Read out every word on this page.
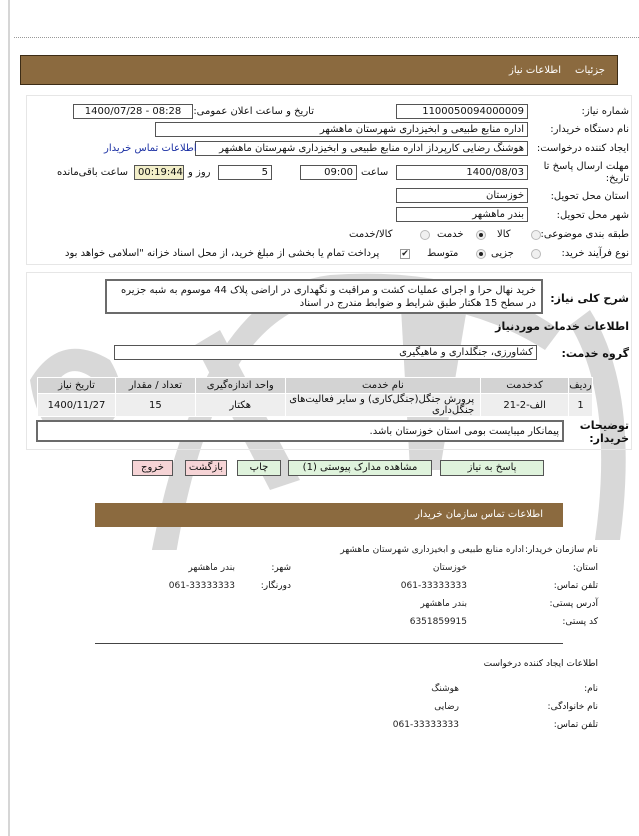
جزئیات
اطلاعات نیاز
شماره نیاز:
1100050094000009
تاریخ و ساعت اعلان عمومی:
1400/07/28 - 08:28
نام دستگاه خریدار:
اداره منابع طبیعی و ابخیزداری شهرستان ماهشهر
ایجاد کننده درخواست:
هوشنگ رضایی کارپرداز اداره منابع طبیعی و ابخیزداری شهرستان ماهشهر
اطلاعات تماس خریدار
مهلت ارسال پاسخ تا
تاریخ:
1400/08/03
ساعت
09:00
5
روز و
00:19:44
ساعت باقی‌مانده
استان محل تحویل:
خوزستان
شهر محل تحویل:
بندر ماهشهر
طبقه بندی موضوعی:
کالا
خدمت
کالا/خدمت
نوع فرآیند خرید:
جزیی
متوسط
✔
پرداخت تمام یا بخشی از مبلغ خرید، از محل اسناد خزانه "اسلامی خواهد بود
شرح کلی نیاز:
خرید نهال حرا و اجرای عملیات کشت و مراقبت و نگهداری در اراضی پلاک 44 موسوم به شبه جزیره در سطح 15 هکتار طبق شرایط و ضوابط مندرج در اسناد
اطلاعات خدمات موردنیاز
گروه خدمت:
کشاورزی، جنگلداری و ماهیگیری
ردیف	کدخدمت	نام خدمت	واحد اندازه‌گیری	تعداد / مقدار	تاریخ نیاز
1	الف-2-21	پرورش جنگل(جنگل‌کاری) و سایر فعالیت‌های جنگل‌داری	هکتار	15	1400/11/27
توضیحات خریدار:
پیمانکار میبایست بومی استان خوزستان باشد.
پاسخ به نیاز
مشاهده مدارک پیوستی (1)
چاپ
بازگشت
خروج
اطلاعات تماس سازمان خریدار
نام سازمان خریدار:
اداره منابع طبیعی و ابخیزداری شهرستان ماهشهر
استان:
خوزستان
شهر:
بندر ماهشهر
تلفن تماس:
061-33333333
دورنگار:
061-33333333
آدرس پستی:
بندر ماهشهر
کد پستی:
6351859915
اطلاعات ایجاد کننده درخواست
نام:
هوشنگ
نام خانوادگی:
رضایی
تلفن تماس:
061-33333333
